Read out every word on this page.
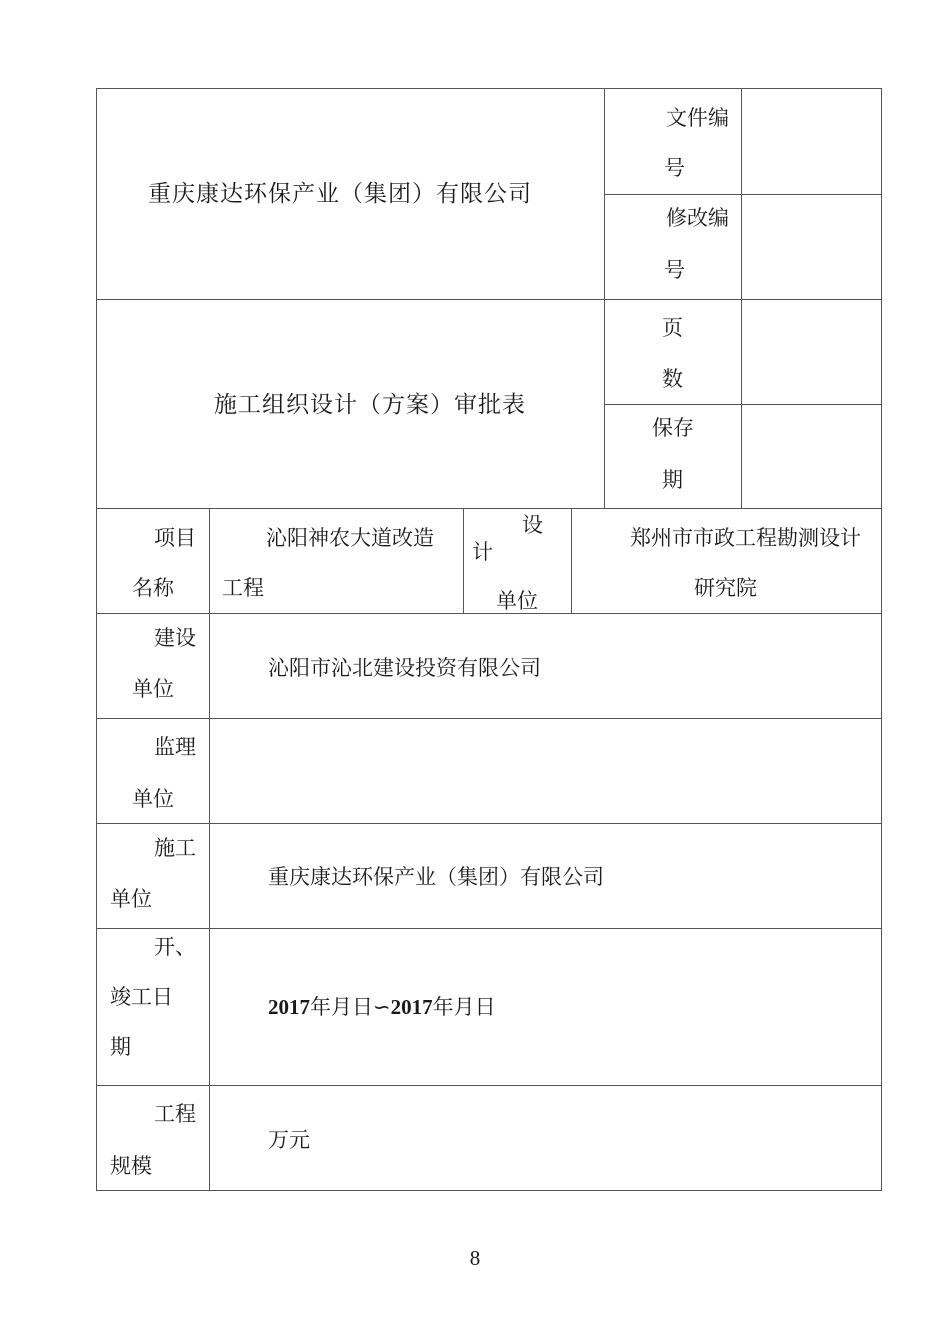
重庆康达环保产业（集团）有限公司
施工组织设计（方案）审批表
文件编
号
修改编
号
页
数
保存
期
项目
名称
沁阳神农大道改造
工程
设
计
单位
郑州市市政工程勘测设计
研究院
建设
单位
沁阳市沁北建设投资有限公司
监理
单位
施工
单位
重庆康达环保产业（集团）有限公司
开、
竣工日
期
2017年月日∽2017年月日
工程
规模
万元
8
